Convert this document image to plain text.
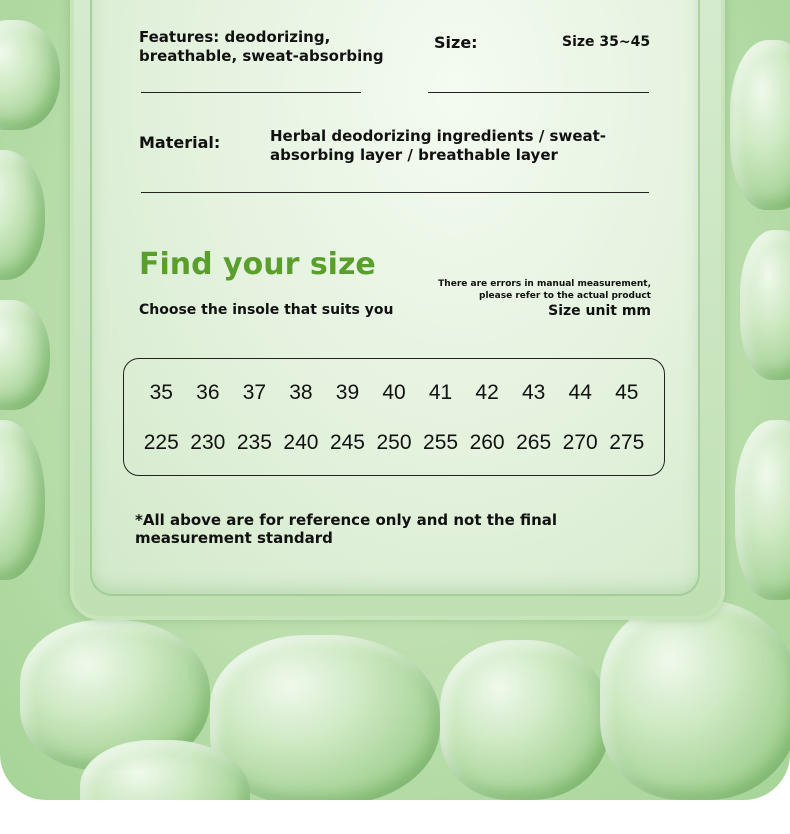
Features: deodorizing, breathable, sweat-absorbing
Size:	Size 35~45
Material:	Herbal deodorizing ingredients / sweat-absorbing layer / breathable layer
Find your size
Choose the insole that suits you
There are errors in manual measurement,
please refer to the actual product
Size unit mm
35	36	37	38	39	40	41	42	43	44	45
225 230 235 240 245 250 255 260 265 270 275
*All above are for reference only and not the final measurement standard
